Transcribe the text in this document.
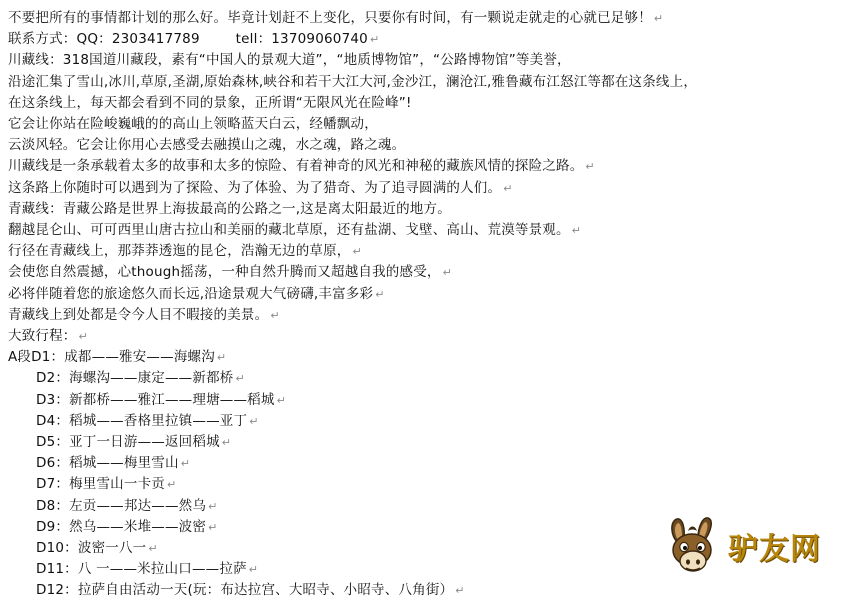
不要把所有的事情都计划的那么好。毕竟计划赶不上变化，只要你有时间，有一颗说走就走的心就已足够！ ↵
联系方式：QQ：2303417789        tell：13709060740 ↵
川藏线：318国道川藏段，素有“中国人的景观大道”，“地质博物馆”，“公路博物馆”等美誉，
沿途汇集了雪山,冰川,草原,圣湖,原始森林,峡谷和若干大江大河,金沙江，澜沧江,雅鲁藏布江怒江等都在这条线上，
在这条线上，每天都会看到不同的景象，正所谓“无限风光在险峰”!
它会让你站在险峻巍峨的的高山上领略蓝天白云，经幡飘动，
云淡风轻。它会让你用心去感受去融摸山之魂，水之魂，路之魂。
川藏线是一条承载着太多的故事和太多的惊险、有着神奇的风光和神秘的藏族风情的探险之路。 ↵
这条路上你随时可以遇到为了探险、为了体验、为了猎奇、为了追寻圆满的人们。 ↵
青藏线：青藏公路是世界上海拔最高的公路之一,这是离太阳最近的地方。
翻越昆仑山、可可西里山唐古拉山和美丽的藏北草原，还有盐湖、戈壁、高山、荒漠等景观。 ↵
行径在青藏线上，那莽莽透迤的昆仑，浩瀚无边的草原， ↵
会使您自然震撼，心though摇荡，一种自然升腾而又超越自我的感受， ↵
必将伴随着您的旅途悠久而长远,沿途景观大气磅礴,丰富多彩 ↵
青藏线上到处都是令今人目不暇接的美景。 ↵
大致行程： ↵
A段D1：成都——雅安——海螺沟 ↵
D2：海螺沟——康定——新都桥 ↵
D3：新都桥——雅江——理塘——稻城 ↵
D4：稻城——香格里拉镇——亚丁 ↵
D5：亚丁一日游——返回稻城 ↵
D6：稻城——梅里雪山 ↵
D7：梅里雪山一卡贡 ↵
D8：左贡——邦达——然乌 ↵
D9：然乌——米堆——波密 ↵
D10：波密一八一 ↵
D11：八 一——米拉山口——拉萨 ↵
D12：拉萨自由活动一天(玩：布达拉宫、大昭寺、小昭寺、八角街） ↵
驴友网
